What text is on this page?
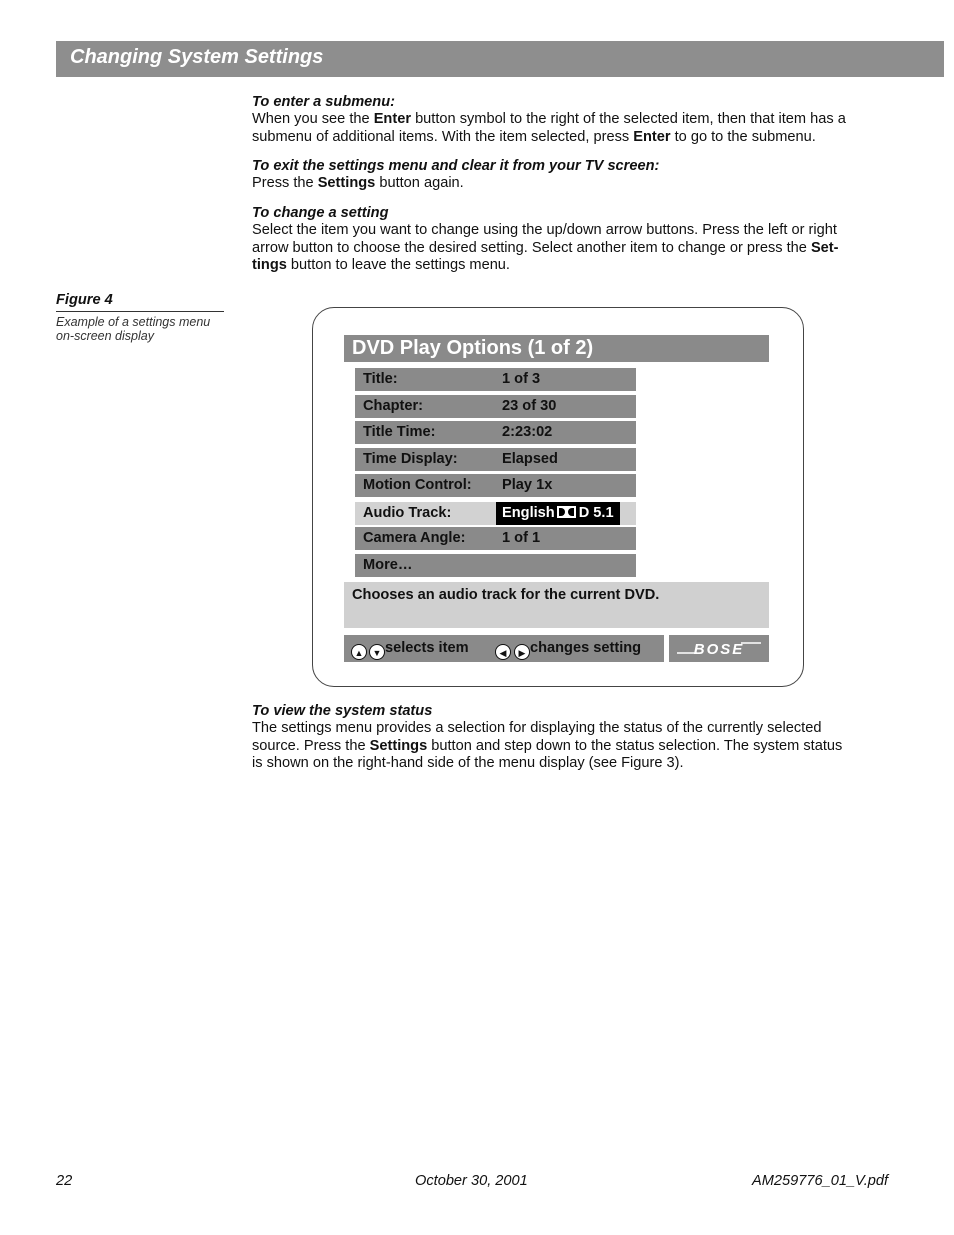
Changing System Settings
To enter a submenu:
When you see the Enter button symbol to the right of the selected item, then that item has a
submenu of additional items. With the item selected, press Enter to go to the submenu.
To exit the settings menu and clear it from your TV screen:
Press the Settings button again.
To change a setting
Select the item you want to change using the up/down arrow buttons. Press the left or right
arrow button to choose the desired setting. Select another item to change or press the Set-
tings button to leave the settings menu.
Figure 4
Example of a settings menu
on-screen display
DVD Play Options (1 of 2)
Title:	1 of 3
Chapter:	23 of 30
Title Time:	2:23:02
Time Display:	Elapsed
Motion Control: Play 1x
Audio Track:	English D 5.1
Camera Angle:	1 of 1
More…
Chooses an audio track for the current DVD.
▲ ▼ selects item	◀ ▶ changes setting	BOSE
To view the system status
The settings menu provides a selection for displaying the status of the currently selected
source. Press the Settings button and step down to the status selection. The system status
is shown on the right-hand side of the menu display (see Figure 3).
22	October 30, 2001	AM259776_01_V.pdf
